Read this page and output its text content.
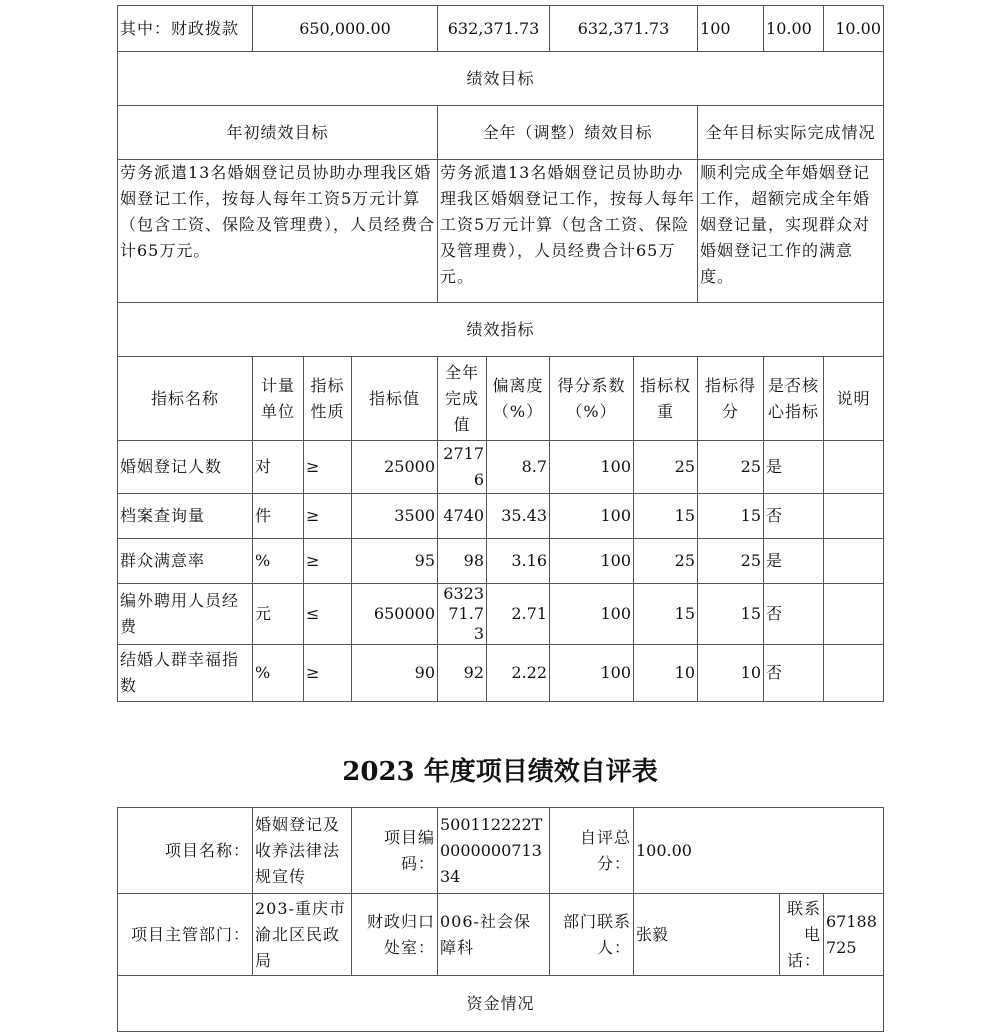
其中：财政拨款	650,000.00			632,371.73		632,371.73		100	10.00	10.00
绩效目标										
年初绩效目标				全年（调整）绩效目标				全年目标实际完成情况		
劳务派遣13名婚姻登记员协助办理我区婚姻登记工作，按每人每年工资5万元计算（包含工资、保险及管理费），人员经费合计65万元。				劳务派遣13名婚姻登记员协助办理我区婚姻登记工作，按每人每年工资5万元计算（包含工资、保险及管理费），人员经费合计65万元。				顺利完成全年婚姻登记工作，超额完成全年婚姻登记量，实现群众对婚姻登记工作的满意度。		
绩效指标										
指标名称	计量单位	指标性质	指标值	全年完成值	偏离度（%）	得分系数（%）	指标权重	指标得分	是否核心指标	说明
婚姻登记人数	对	≥	25000	27176	8.7	100	25	25	是	
档案查询量	件	≥	3500	4740	35.43	100	15	15	否	
群众满意率	%	≥	95	98	3.16	100	25	25	是	
编外聘用人员经费	元	≤	650000	632371.73	2.71	100	15	15	否	
结婚人群幸福指数	%	≥	90	92	2.22	100	10	10	否	
2023 年度项目绩效自评表
项目名称：	婚姻登记及收养法律法规宣传	项目编码：	500112222T000000071334	自评总分：	100.00		
项目主管部门：	203-重庆市渝北区民政局	财政归口处室：	006-社会保障科	部门联系人：	张毅	联系电话：	67188725
资金情况							
